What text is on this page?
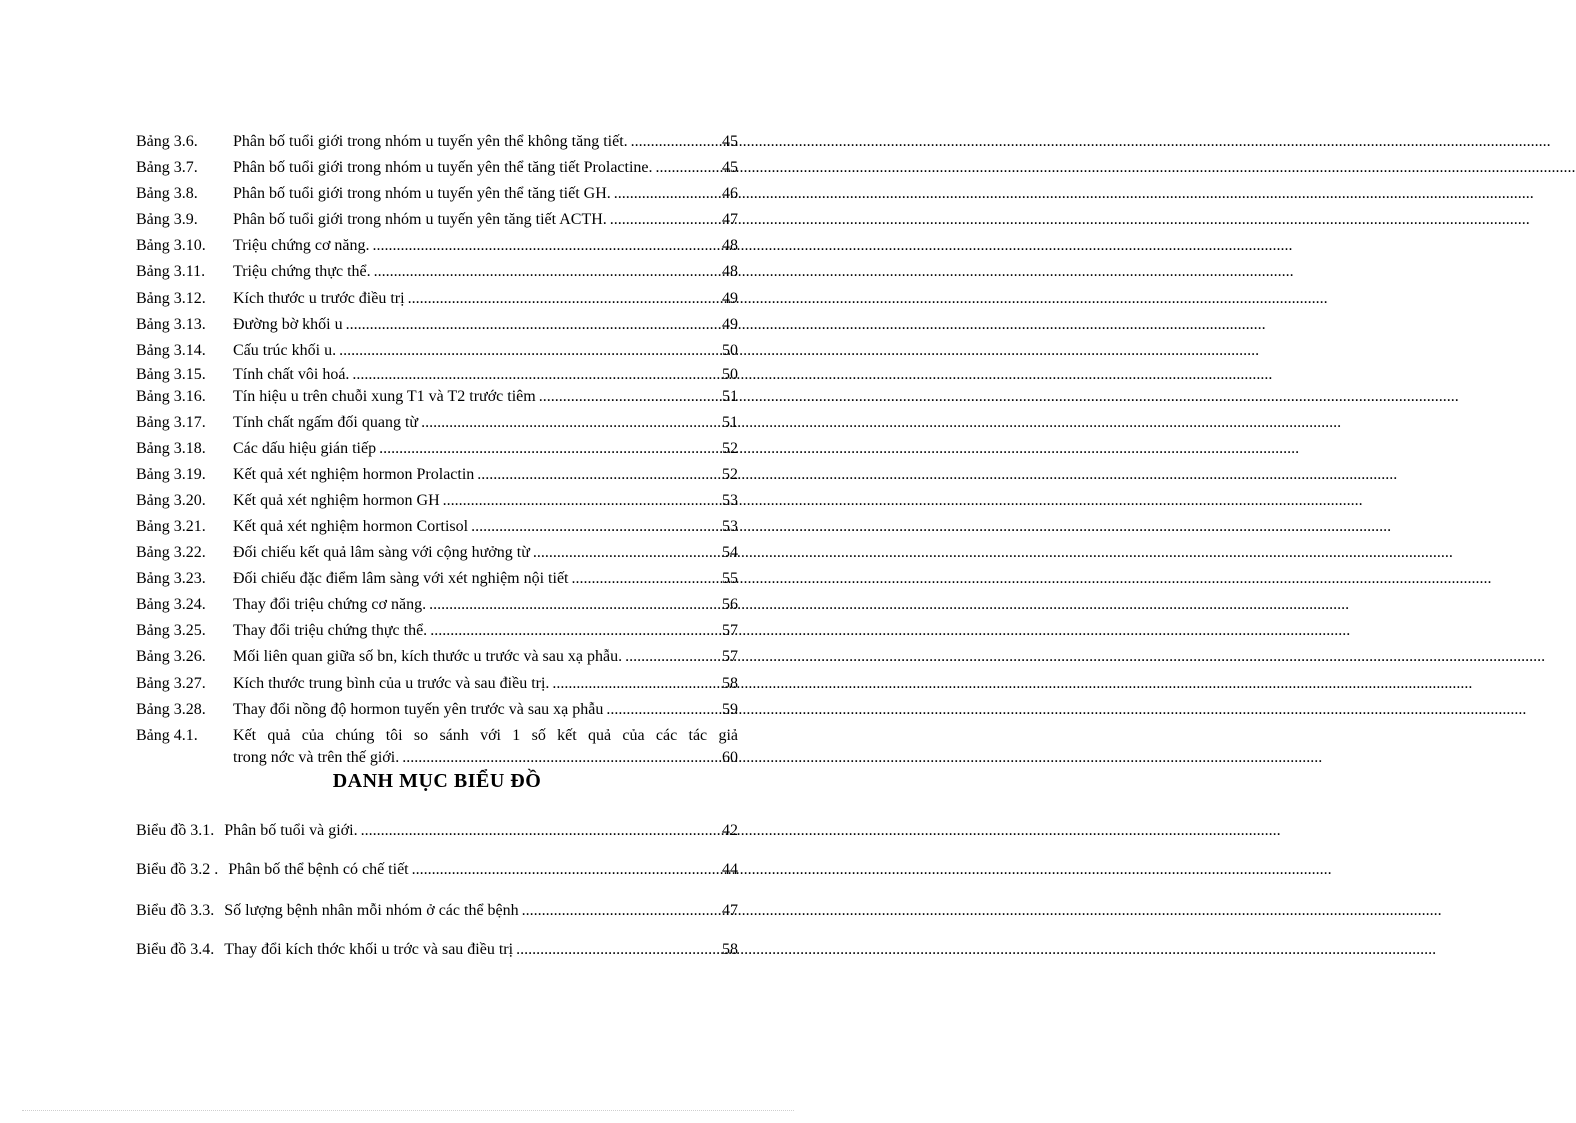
Bảng 3.6.	Phân bố tuổi giới trong nhóm u tuyến yên thể không tăng tiết. .....	45
Bảng 3.7.	Phân bố tuổi giới trong nhóm u tuyến yên thể tăng tiết Prolactine. .....	45
Bảng 3.8.	Phân bố tuổi giới trong nhóm u tuyến yên thể tăng tiết GH. .....	46
Bảng 3.9.	Phân bố tuổi giới trong nhóm u tuyến yên tăng tiết ACTH. .....	47
Bảng 3.10.	Triệu chứng cơ năng. .....	48
Bảng 3.11.	Triệu chứng thực thể. .....	48
Bảng 3.12.	Kích thước u trước điều trị .....	49
Bảng 3.13.	Đường bờ khối u .....	49
Bảng 3.14.	Cấu trúc khối u. .....	50
Bảng 3.15.	Tính chất vôi hoá. .....	50
Bảng 3.16.	Tín hiệu u trên chuỗi xung T1 và T2 trước tiêm .....	51
Bảng 3.17.	Tính chất ngấm đối quang từ .....	51
Bảng 3.18.	Các dấu hiệu gián tiếp .....	52
Bảng 3.19.	Kết quả xét nghiệm hormon Prolactin .....	52
Bảng 3.20.	Kết quả xét nghiệm hormon GH .....	53
Bảng 3.21.	Kết quả xét nghiệm hormon Cortisol .....	53
Bảng 3.22.	Đối chiếu kết quả lâm sàng với cộng hưởng từ .....	54
Bảng 3.23.	Đối chiếu đặc điểm lâm sàng với xét nghiệm nội tiết .....	55
Bảng 3.24.	Thay đổi triệu chứng cơ năng. .....	56
Bảng 3.25.	Thay đổi triệu chứng thực thể. .....	57
Bảng 3.26.	Mối liên quan giữa số bn, kích thước u trước và sau xạ phẫu. .....	57
Bảng 3.27.	Kích thước trung bình của u trước và sau điều trị. .....	58
Bảng 3.28.	Thay đổi nồng độ hormon tuyến yên trước và sau xạ phẫu .....	59
Bảng 4.1.	Kết quả của chúng tôi so sánh với 1 số kết quả của các tác giả
trong nớc và trên thế giới. .....	60
DANH MỤC BIỂU ĐỒ
Biểu đồ 3.1. Phân bố tuổi và giới. .....	42
Biểu đồ 3.2 . Phân bố thể bệnh có chế tiết .....	44
Biểu đồ 3.3. Số lượng bệnh nhân mỗi nhóm ở các thể bệnh .....	47
Biểu đồ 3.4. Thay đổi kích thớc khối u trớc và sau điều trị .....	58
